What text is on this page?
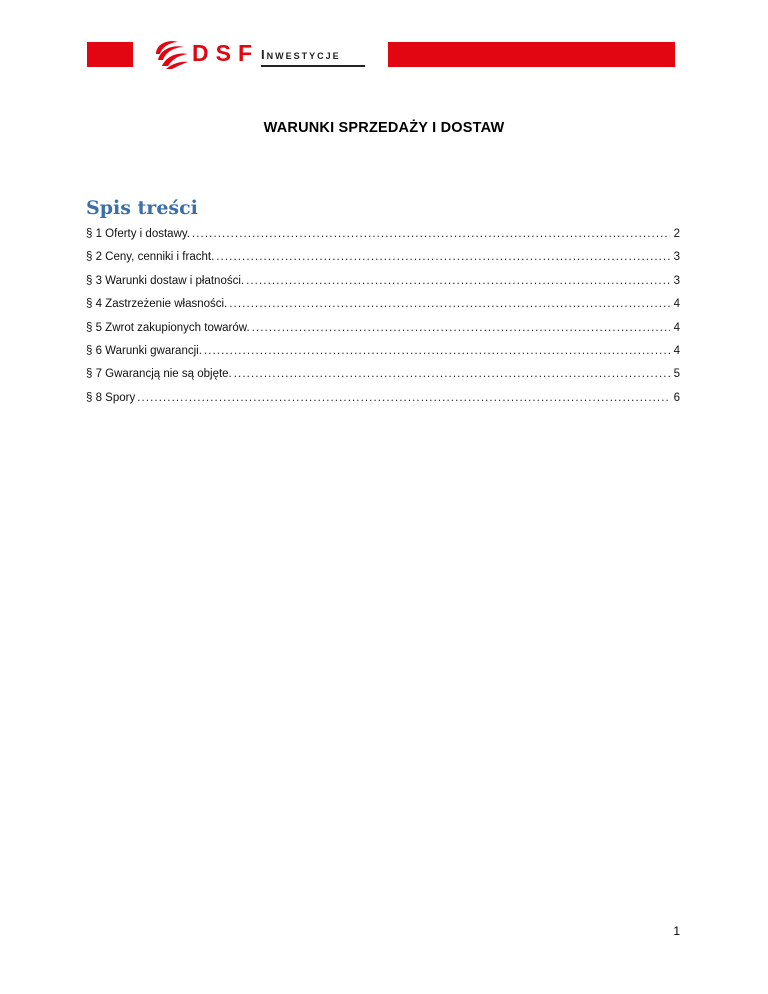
DSF Inwestycje
WARUNKI SPRZEDAŻY I DOSTAW
Spis treści
§ 1 Oferty i dostawy. .....	2
§ 2 Ceny, cenniki i fracht. .....	3
§ 3 Warunki dostaw i płatności. .....	3
§ 4 Zastrzeżenie własności. .....	4
§ 5 Zwrot zakupionych towarów. .....	4
§ 6 Warunki gwarancji. .....	4
§ 7 Gwarancją nie są objęte. .....	5
§ 8 Spory .....	6
1
